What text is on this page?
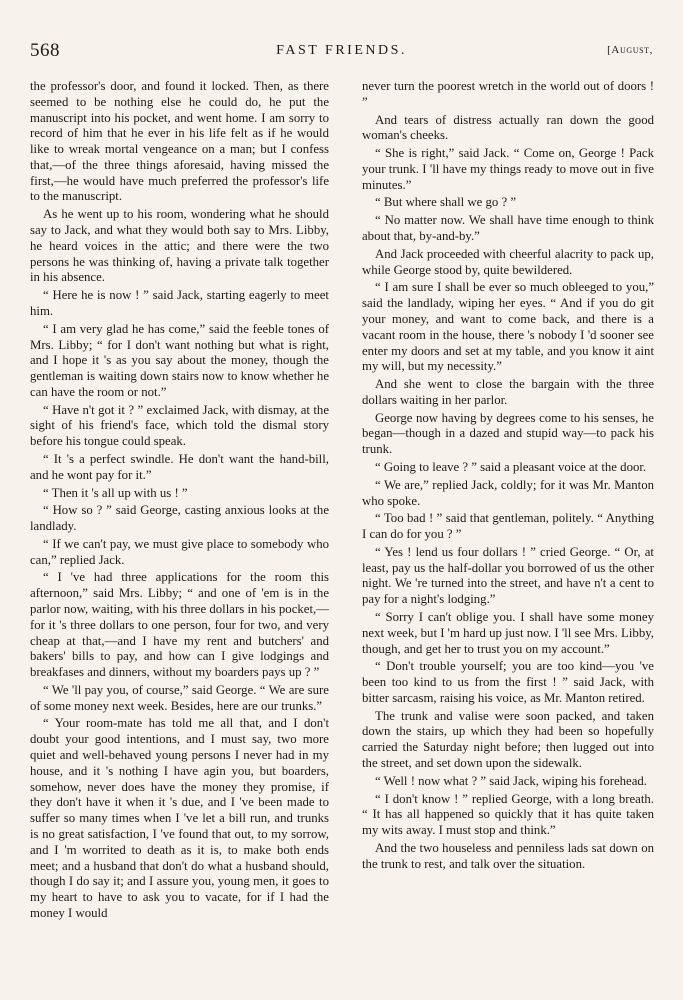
568	FAST FRIENDS.	[August,

the professor's door, and found it locked. Then, as there seemed to be nothing else he could do, he put the manuscript into his pocket, and went home. I am sorry to record of him that he ever in his life felt as if he would like to wreak mortal vengeance on a man; but I confess that,—of the three things aforesaid, having missed the first,—he would have much preferred the professor's life to the manuscript.

As he went up to his room, wondering what he should say to Jack, and what they would both say to Mrs. Libby, he heard voices in the attic; and there were the two persons he was thinking of, having a private talk together in his absence.

“ Here he is now ! ” said Jack, starting eagerly to meet him.

“ I am very glad he has come,” said the feeble tones of Mrs. Libby; “ for I don't want nothing but what is right, and I hope it 's as you say about the money, though the gentleman is waiting down stairs now to know whether he can have the room or not.”

“ Have n't got it ? ” exclaimed Jack, with dismay, at the sight of his friend's face, which told the dismal story before his tongue could speak.

“ It 's a perfect swindle. He don't want the hand-bill, and he wont pay for it.”

“ Then it 's all up with us ! ”

“ How so ? ” said George, casting anxious looks at the landlady.

“ If we can't pay, we must give place to somebody who can,” replied Jack.

“ I 've had three applications for the room this afternoon,” said Mrs. Libby; “ and one of 'em is in the parlor now, waiting, with his three dollars in his pocket,—for it 's three dollars to one person, four for two, and very cheap at that,—and I have my rent and butchers' and bakers' bills to pay, and how can I give lodgings and breakfases and dinners, without my boarders pays up ? ”

“ We 'll pay you, of course,” said George. “ We are sure of some money next week. Besides, here are our trunks.”

“ Your room-mate has told me all that, and I don't doubt your good intentions, and I must say, two more quiet and well-behaved young persons I never had in my house, and it 's nothing I have agin you, but boarders, somehow, never does have the money they promise, if they don't have it when it 's due, and I 've been made to suffer so many times when I 've let a bill run, and trunks is no great satisfaction, I 've found that out, to my sorrow, and I 'm worrited to death as it is, to make both ends meet; and a husband that don't do what a husband should, though I do say it; and I assure you, young men, it goes to my heart to have to ask you to vacate, for if I had the money I would

never turn the poorest wretch in the world out of doors ! ”

And tears of distress actually ran down the good woman's cheeks.

“ She is right,” said Jack. “ Come on, George ! Pack your trunk. I 'll have my things ready to move out in five minutes.”

“ But where shall we go ? ”

“ No matter now. We shall have time enough to think about that, by-and-by.”

And Jack proceeded with cheerful alacrity to pack up, while George stood by, quite bewildered.

“ I am sure I shall be ever so much obleeged to you,” said the landlady, wiping her eyes. “ And if you do git your money, and want to come back, and there is a vacant room in the house, there 's nobody I 'd sooner see enter my doors and set at my table, and you know it aint my will, but my necessity.”

And she went to close the bargain with the three dollars waiting in her parlor.

George now having by degrees come to his senses, he began—though in a dazed and stupid way—to pack his trunk.

“ Going to leave ? ” said a pleasant voice at the door.

“ We are,” replied Jack, coldly; for it was Mr. Manton who spoke.

“ Too bad ! ” said that gentleman, politely. “ Anything I can do for you ? ”

“ Yes ! lend us four dollars ! ” cried George. “ Or, at least, pay us the half-dollar you borrowed of us the other night. We 're turned into the street, and have n't a cent to pay for a night's lodging.”

“ Sorry I can't oblige you. I shall have some money next week, but I 'm hard up just now. I 'll see Mrs. Libby, though, and get her to trust you on my account.”

“ Don't trouble yourself; you are too kind—you 've been too kind to us from the first ! ” said Jack, with bitter sarcasm, raising his voice, as Mr. Manton retired.

The trunk and valise were soon packed, and taken down the stairs, up which they had been so hopefully carried the Saturday night before; then lugged out into the street, and set down upon the sidewalk.

“ Well ! now what ? ” said Jack, wiping his forehead.

“ I don't know ! ” replied George, with a long breath. “ It has all happened so quickly that it has quite taken my wits away. I must stop and think.”

And the two houseless and penniless lads sat down on the trunk to rest, and talk over the situation.
